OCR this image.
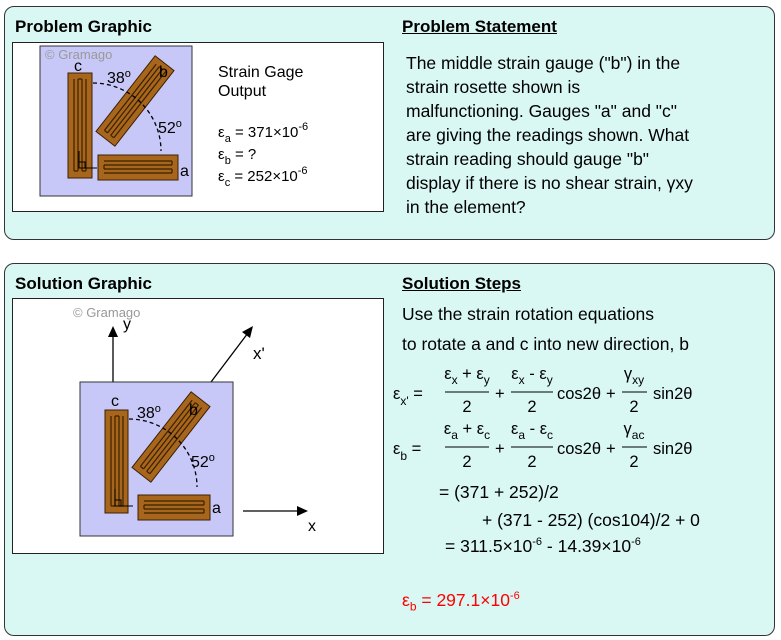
Problem Graphic	Problem Statement
© Gramago
c	b
a
38$^o$
52$^o$
Strain Gage
Output
$\varepsilon_a = 371\times 10^{-6}$
$\varepsilon_b$ = ?
$\varepsilon_c = 252\times 10^{-6}$
The middle strain gauge ("b") in the
strain rosette shown is
malfunctioning. Gauges "a" and "c"
are giving the readings shown. What
strain reading should gauge "b"
display if there is no shear strain, γxy
in the element?
Solution Graphic	Solution Steps
© Gramago
y
x'
x
c
b
a
38$^o$
52$^o$
Use the strain rotation equations
to rotate a and c into new direction, b
$\varepsilon_{x'}$ =
$\varepsilon_x + \varepsilon_y$
2
+
$\varepsilon_x - \varepsilon_y$
2
cos2θ +
$\gamma_{xy}$
2
sin2θ
$\varepsilon_b$ =
$\varepsilon_a + \varepsilon_c$
2
+
$\varepsilon_a - \varepsilon_c$
2
cos2θ +
$\gamma_{ac}$
2
sin2θ
= (371 + 252)/2
+ (371 - 252) (cos104)/2 + 0
= $311.5\times 10^{-6} - 14.39\times 10^{-6}$
$\varepsilon_b = 297.1\times 10^{-6}$
